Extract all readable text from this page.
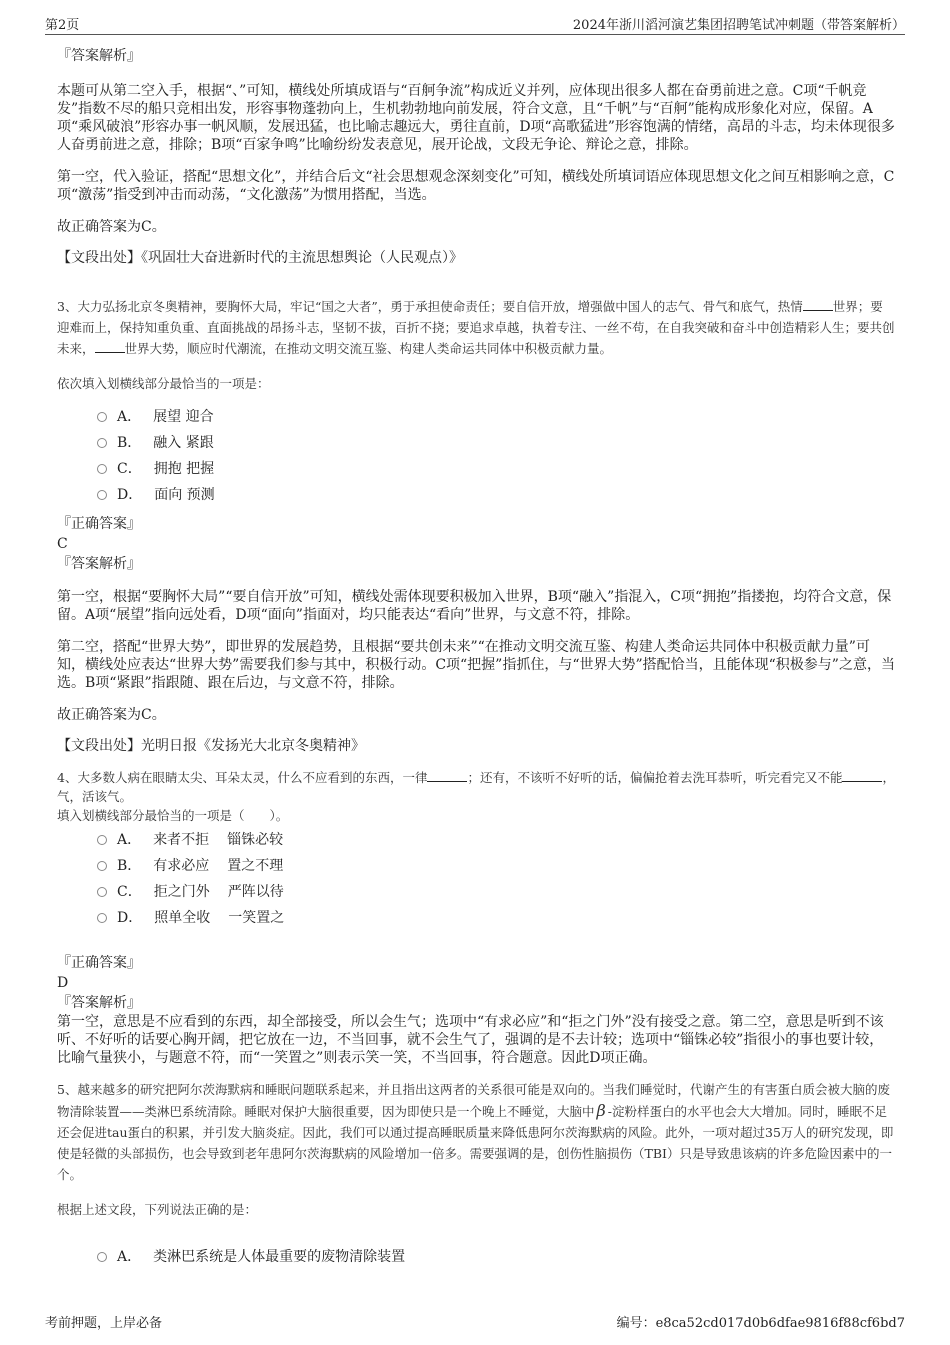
第2页	2024年浙川滔河演艺集团招聘笔试冲刺题（带答案解析）

『答案解析』

本题可从第二空入手，根据“、”可知，横线处所填成语与“百舸争流”构成近义并列，应体现出很多人都在奋勇前进之意。C项“千帆竞发”指数不尽的船只竞相出发，形容事物蓬勃向上，生机勃勃地向前发展，符合文意，且“千帆”与“百舸”能构成形象化对应，保留。A项“乘风破浪”形容办事一帆风顺，发展迅猛，也比喻志趣远大，勇往直前，D项“高歌猛进”形容饱满的情绪，高昂的斗志，均未体现很多人奋勇前进之意，排除；B项“百家争鸣”比喻纷纷发表意见，展开论战，文段无争论、辩论之意，排除。

第一空，代入验证，搭配“思想文化”，并结合后文“社会思想观念深刻变化”可知，横线处所填词语应体现思想文化之间互相影响之意，C项“激荡”指受到冲击而动荡，“文化激荡”为惯用搭配，当选。

故正确答案为C。

【文段出处】《巩固壮大奋进新时代的主流思想舆论（人民观点）》

3、大力弘扬北京冬奥精神，要胸怀大局，牢记“国之大者”，勇于承担使命责任；要自信开放，增强做中国人的志气、骨气和底气，热情 世界；要迎难而上，保持知重负重、直面挑战的昂扬斗志，坚韧不拔，百折不挠；要追求卓越，执着专注、一丝不苟，在自我突破和奋斗中创造精彩人生；要共创未来， 世界大势，顺应时代潮流，在推动文明交流互鉴、构建人类命运共同体中积极贡献力量。

依次填入划横线部分最恰当的一项是：

A． 展望 迎合
B． 融入 紧跟
C． 拥抱 把握
D． 面向 预测

『正确答案』

C

『答案解析』

第一空，根据“要胸怀大局”“要自信开放”可知，横线处需体现要积极加入世界，B项“融入”指混入，C项“拥抱”指搂抱，均符合文意，保留。A项“展望”指向远处看，D项“面向”指面对，均只能表达“看向”世界，与文意不符，排除。

第二空，搭配“世界大势”，即世界的发展趋势，且根据“要共创未来”“在推动文明交流互鉴、构建人类命运共同体中积极贡献力量”可知，横线处应表达“世界大势”需要我们参与其中，积极行动。C项“把握”指抓住，与“世界大势”搭配恰当，且能体现“积极参与”之意，当选。B项“紧跟”指跟随、跟在后边，与文意不符，排除。

故正确答案为C。

【文段出处】光明日报《发扬光大北京冬奥精神》

4、大多数人病在眼睛太尖、耳朵太灵，什么不应看到的东西，一律	；还有，不该听不好听的话，偏偏抢着去洗耳恭听，听完看完又不能	，气，活该气。

填入划横线部分最恰当的一项是（　　）。

A． 来者不拒 锱铢必较
B． 有求必应 置之不理
C． 拒之门外 严阵以待
D． 照单全收 一笑置之

『正确答案』

D

『答案解析』

第一空，意思是不应看到的东西，却全部接受，所以会生气；选项中“有求必应”和“拒之门外”没有接受之意。第二空，意思是听到不该听、不好听的话要心胸开阔，把它放在一边，不当回事，就不会生气了，强调的是不去计较；选项中“锱铢必较”指很小的事也要计较，比喻气量狭小，与题意不符，而“一笑置之”则表示笑一笑，不当回事，符合题意。因此D项正确。

5、越来越多的研究把阿尔茨海默病和睡眠问题联系起来，并且指出这两者的关系很可能是双向的。当我们睡觉时，代谢产生的有害蛋白质会被大脑的废物清除装置——类淋巴系统清除。睡眠对保护大脑很重要，因为即使只是一个晚上不睡觉，大脑中 β -淀粉样蛋白的水平也会大大增加。同时，睡眠不足还会促进tau蛋白的积累，并引发大脑炎症。因此，我们可以通过提高睡眠质量来降低患阿尔茨海默病的风险。此外，一项对超过35万人的研究发现，即使是轻微的头部损伤，也会导致到老年患阿尔茨海默病的风险增加一倍多。需要强调的是，创伤性脑损伤（TBI）只是导致患该病的许多危险因素中的一个。

根据上述文段，下列说法正确的是：

A． 类淋巴系统是人体最重要的废物清除装置
考前押题，上岸必备	编号：e8ca52cd017d0b6dfae9816f88cf6bd7
